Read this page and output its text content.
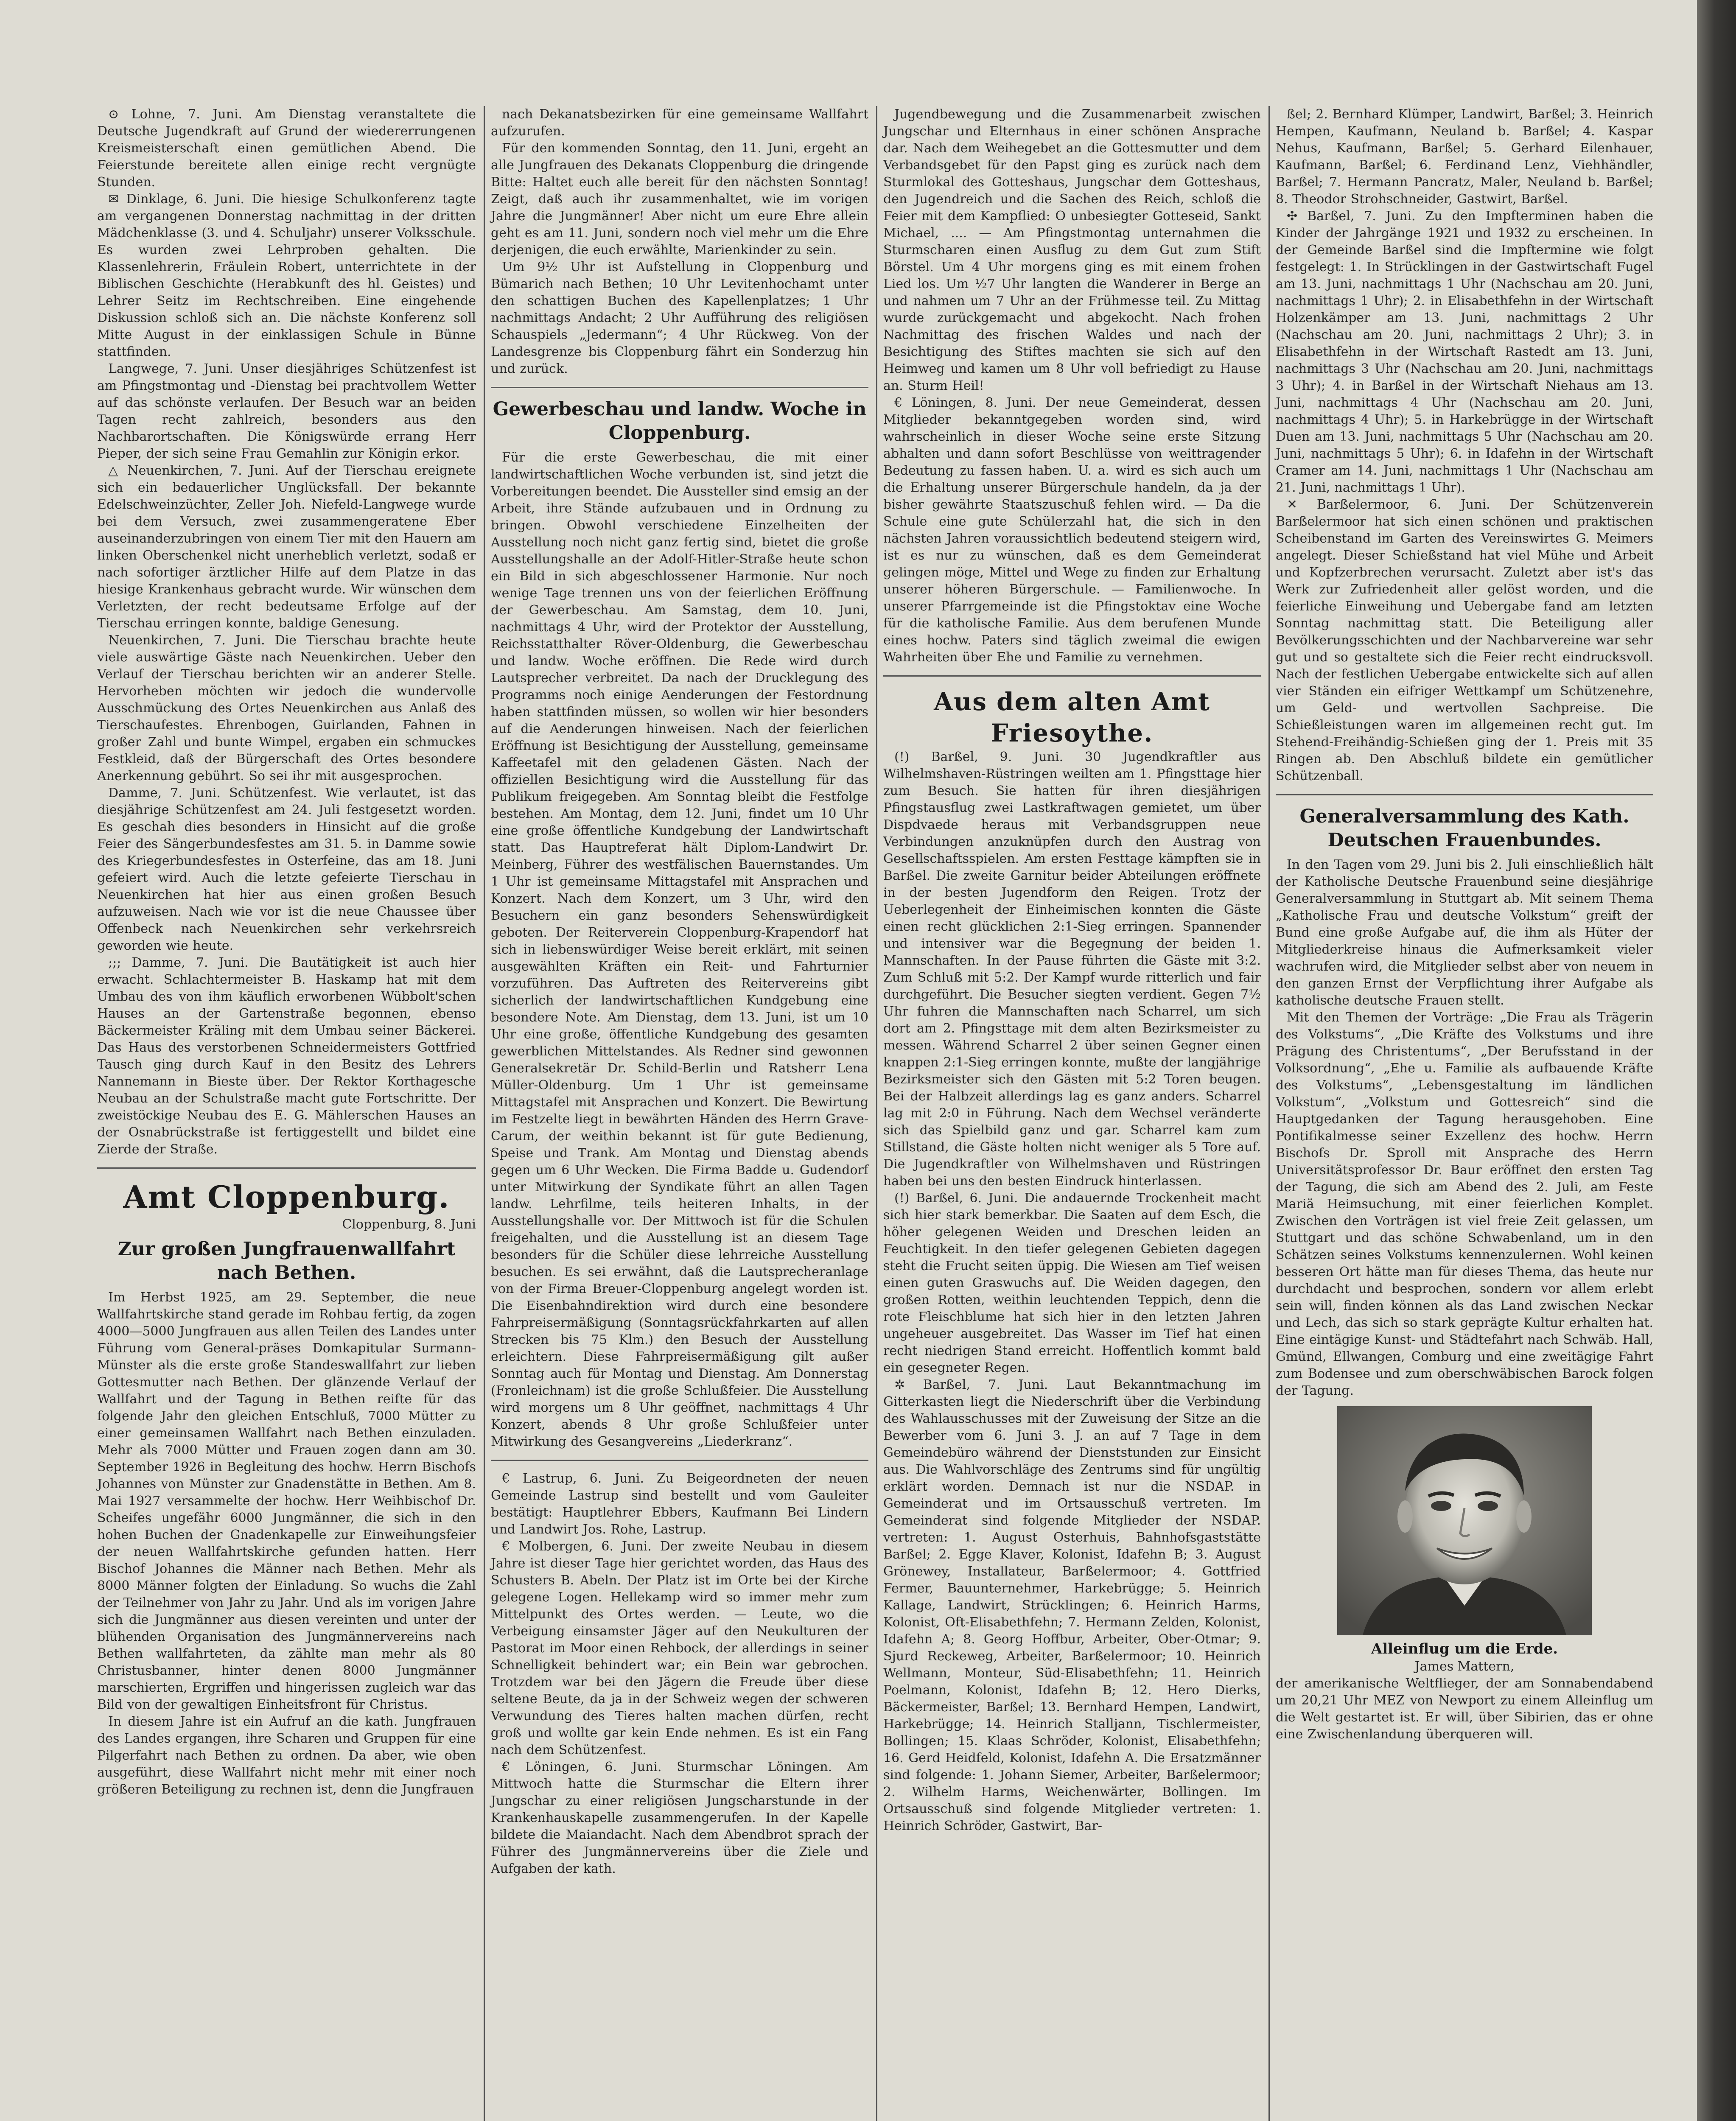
⊙ Lohne, 7. Juni. Am Dienstag veranstaltete die Deutsche Jugendkraft auf Grund der wiedererrungenen Kreismeisterschaft einen gemütlichen Abend. Die Feierstunde bereitete allen einige recht vergnügte Stunden.

✉ Dinklage, 6. Juni. Die hiesige Schulkonferenz tagte am vergangenen Donnerstag nachmittag in der dritten Mädchenklasse (3. und 4. Schuljahr) unserer Volksschule. Es wurden zwei Lehrproben gehalten. Die Klassenlehrerin, Fräulein Robert, unterrichtete in der Biblischen Geschichte (Herabkunft des hl. Geistes) und Lehrer Seitz im Rechtschreiben. Eine eingehende Diskussion schloß sich an. Die nächste Konferenz soll Mitte August in der einklassigen Schule in Bünne stattfinden.

Langwege, 7. Juni. Unser diesjähriges Schützenfest ist am Pfingstmontag und -Dienstag bei prachtvollem Wetter auf das schönste verlaufen. Der Besuch war an beiden Tagen recht zahlreich, besonders aus den Nachbarortschaften. Die Königswürde errang Herr Pieper, der sich seine Frau Gemahlin zur Königin erkor.

△ Neuenkirchen, 7. Juni. Auf der Tierschau ereignete sich ein bedauerlicher Unglücksfall. Der bekannte Edelschweinzüchter, Zeller Joh. Niefeld-Langwege wurde bei dem Versuch, zwei zusammengeratene Eber auseinanderzubringen von einem Tier mit den Hauern am linken Oberschenkel nicht unerheblich verletzt, sodaß er nach sofortiger ärztlicher Hilfe auf dem Platze in das hiesige Krankenhaus gebracht wurde. Wir wünschen dem Verletzten, der recht bedeutsame Erfolge auf der Tierschau erringen konnte, baldige Genesung.

Neuenkirchen, 7. Juni. Die Tierschau brachte heute viele auswärtige Gäste nach Neuenkirchen. Ueber den Verlauf der Tierschau berichten wir an anderer Stelle. Hervorheben möchten wir jedoch die wundervolle Ausschmückung des Ortes Neuenkirchen aus Anlaß des Tierschaufestes. Ehrenbogen, Guirlanden, Fahnen in großer Zahl und bunte Wimpel, ergaben ein schmuckes Festkleid, daß der Bürgerschaft des Ortes besondere Anerkennung gebührt. So sei ihr mit ausgesprochen.

Damme, 7. Juni. Schützenfest. Wie verlautet, ist das diesjährige Schützenfest am 24. Juli festgesetzt worden. Es geschah dies besonders in Hinsicht auf die große Feier des Sängerbundesfestes am 31. 5. in Damme sowie des Kriegerbundesfestes in Osterfeine, das am 18. Juni gefeiert wird. Auch die letzte gefeierte Tierschau in Neuenkirchen hat hier aus einen großen Besuch aufzuweisen. Nach wie vor ist die neue Chaussee über Offenbeck nach Neuenkirchen sehr verkehrsreich geworden wie heute.

;;; Damme, 7. Juni. Die Bautätigkeit ist auch hier erwacht. Schlachtermeister B. Haskamp hat mit dem Umbau des von ihm käuflich erworbenen Wübbolt'schen Hauses an der Gartenstraße begonnen, ebenso Bäckermeister Kräling mit dem Umbau seiner Bäckerei. Das Haus des verstorbenen Schneidermeisters Gottfried Tausch ging durch Kauf in den Besitz des Lehrers Nannemann in Bieste über. Der Rektor Korthagesche Neubau an der Schulstraße macht gute Fortschritte. Der zweistöckige Neubau des E. G. Mählerschen Hauses an der Osnabrückstraße ist fertiggestellt und bildet eine Zierde der Straße.

Amt Cloppenburg.

Cloppenburg, 8. Juni

Zur großen Jungfrauenwallfahrt nach Bethen.

Im Herbst 1925, am 29. September, die neue Wallfahrtskirche stand gerade im Rohbau fertig, da zogen 4000—5000 Jungfrauen aus allen Teilen des Landes unter Führung vom General-präses Domkapitular Surmann-Münster als die erste große Standeswallfahrt zur lieben Gottesmutter nach Bethen. Der glänzende Verlauf der Wallfahrt und der Tagung in Bethen reifte für das folgende Jahr den gleichen Entschluß, 7000 Mütter zu einer gemeinsamen Wallfahrt nach Bethen einzuladen. Mehr als 7000 Mütter und Frauen zogen dann am 30. September 1926 in Begleitung des hochw. Herrn Bischofs Johannes von Münster zur Gnadenstätte in Bethen. Am 8. Mai 1927 versammelte der hochw. Herr Weihbischof Dr. Scheifes ungefähr 6000 Jungmänner, die sich in den hohen Buchen der Gnadenkapelle zur Einweihungsfeier der neuen Wallfahrtskirche gefunden hatten. Herr Bischof Johannes die Männer nach Bethen. Mehr als 8000 Männer folgten der Einladung. So wuchs die Zahl der Teilnehmer von Jahr zu Jahr. Und als im vorigen Jahre sich die Jungmänner aus diesen vereinten und unter der blühenden Organisation des Jungmännervereins nach Bethen wallfahrteten, da zählte man mehr als 80 Christusbanner, hinter denen 8000 Jungmänner marschierten, Ergriffen und hingerissen zugleich war das Bild von der gewaltigen Einheitsfront für Christus.

In diesem Jahre ist ein Aufruf an die kath. Jungfrauen des Landes ergangen, ihre Scharen und Gruppen für eine Pilgerfahrt nach Bethen zu ordnen. Da aber, wie oben ausgeführt, diese Wallfahrt nicht mehr mit einer noch größeren Beteiligung zu rechnen ist, denn die Jungfrauen

nach Dekanatsbezirken für eine gemeinsame Wallfahrt aufzurufen.

Für den kommenden Sonntag, den 11. Juni, ergeht an alle Jungfrauen des Dekanats Cloppenburg die dringende Bitte: Haltet euch alle bereit für den nächsten Sonntag! Zeigt, daß auch ihr zusammenhaltet, wie im vorigen Jahre die Jungmänner! Aber nicht um eure Ehre allein geht es am 11. Juni, sondern noch viel mehr um die Ehre derjenigen, die euch erwählte, Marienkinder zu sein.

Um 9½ Uhr ist Aufstellung in Cloppenburg und Bümarich nach Bethen; 10 Uhr Levitenhochamt unter den schattigen Buchen des Kapellenplatzes; 1 Uhr nachmittags Andacht; 2 Uhr Aufführung des religiösen Schauspiels „Jedermann“; 4 Uhr Rückweg. Von der Landesgrenze bis Cloppenburg fährt ein Sonderzug hin und zurück.

Gewerbeschau und landw. Woche in Cloppenburg.

Für die erste Gewerbeschau, die mit einer landwirtschaftlichen Woche verbunden ist, sind jetzt die Vorbereitungen beendet. Die Aussteller sind emsig an der Arbeit, ihre Stände aufzubauen und in Ordnung zu bringen. Obwohl verschiedene Einzelheiten der Ausstellung noch nicht ganz fertig sind, bietet die große Ausstellungshalle an der Adolf-Hitler-Straße heute schon ein Bild in sich abgeschlossener Harmonie. Nur noch wenige Tage trennen uns von der feierlichen Eröffnung der Gewerbeschau. Am Samstag, dem 10. Juni, nachmittags 4 Uhr, wird der Protektor der Ausstellung, Reichsstatthalter Röver-Oldenburg, die Gewerbeschau und landw. Woche eröffnen. Die Rede wird durch Lautsprecher verbreitet. Da nach der Drucklegung des Programms noch einige Aenderungen der Festordnung haben stattfinden müssen, so wollen wir hier besonders auf die Aenderungen hinweisen. Nach der feierlichen Eröffnung ist Besichtigung der Ausstellung, gemeinsame Kaffeetafel mit den geladenen Gästen. Nach der offiziellen Besichtigung wird die Ausstellung für das Publikum freigegeben. Am Sonntag bleibt die Festfolge bestehen. Am Montag, dem 12. Juni, findet um 10 Uhr eine große öffentliche Kundgebung der Landwirtschaft statt. Das Hauptreferat hält Diplom-Landwirt Dr. Meinberg, Führer des westfälischen Bauernstandes. Um 1 Uhr ist gemeinsame Mittagstafel mit Ansprachen und Konzert. Nach dem Konzert, um 3 Uhr, wird den Besuchern ein ganz besonders Sehenswürdigkeit geboten. Der Reiterverein Cloppenburg-Krapendorf hat sich in liebenswürdiger Weise bereit erklärt, mit seinen ausgewählten Kräften ein Reit- und Fahrturnier vorzuführen. Das Auftreten des Reitervereins gibt sicherlich der landwirtschaftlichen Kundgebung eine besondere Note. Am Dienstag, dem 13. Juni, ist um 10 Uhr eine große, öffentliche Kundgebung des gesamten gewerblichen Mittelstandes. Als Redner sind gewonnen Generalsekretär Dr. Schild-Berlin und Ratsherr Lena Müller-Oldenburg. Um 1 Uhr ist gemeinsame Mittagstafel mit Ansprachen und Konzert. Die Bewirtung im Festzelte liegt in bewährten Händen des Herrn Grave-Carum, der weithin bekannt ist für gute Bedienung, Speise und Trank. Am Montag und Dienstag abends gegen um 6 Uhr Wecken. Die Firma Badde u. Gudendorf unter Mitwirkung der Syndikate führt an allen Tagen landw. Lehrfilme, teils heiteren Inhalts, in der Ausstellungshalle vor. Der Mittwoch ist für die Schulen freigehalten, und die Ausstellung ist an diesem Tage besonders für die Schüler diese lehrreiche Ausstellung besuchen. Es sei erwähnt, daß die Lautsprecheranlage von der Firma Breuer-Cloppenburg angelegt worden ist. Die Eisenbahndirektion wird durch eine besondere Fahrpreisermäßigung (Sonntagsrückfahrkarten auf allen Strecken bis 75 Klm.) den Besuch der Ausstellung erleichtern. Diese Fahrpreisermäßigung gilt außer Sonntag auch für Montag und Dienstag. Am Donnerstag (Fronleichnam) ist die große Schlußfeier. Die Ausstellung wird morgens um 8 Uhr geöffnet, nachmittags 4 Uhr Konzert, abends 8 Uhr große Schlußfeier unter Mitwirkung des Gesangvereins „Liederkranz“.

€ Lastrup, 6. Juni. Zu Beigeordneten der neuen Gemeinde Lastrup sind bestellt und vom Gauleiter bestätigt: Hauptlehrer Ebbers, Kaufmann Bei Lindern und Landwirt Jos. Rohe, Lastrup.

€ Molbergen, 6. Juni. Der zweite Neubau in diesem Jahre ist dieser Tage hier gerichtet worden, das Haus des Schusters B. Abeln. Der Platz ist im Orte bei der Kirche gelegene Logen. Hellekamp wird so immer mehr zum Mittelpunkt des Ortes werden. — Leute, wo die Verbeigung einsamster Jäger auf den Neukulturen der Pastorat im Moor einen Rehbock, der allerdings in seiner Schnelligkeit behindert war; ein Bein war gebrochen. Trotzdem war bei den Jägern die Freude über diese seltene Beute, da ja in der Schweiz wegen der schweren Verwundung des Tieres halten machen dürfen, recht groß und wollte gar kein Ende nehmen. Es ist ein Fang nach dem Schützenfest.

€ Löningen, 6. Juni. Sturmschar Löningen. Am Mittwoch hatte die Sturmschar die Eltern ihrer Jungschar zu einer religiösen Jungscharstunde in der Krankenhauskapelle zusammengerufen. In der Kapelle bildete die Maiandacht. Nach dem Abendbrot sprach der Führer des Jungmännervereins über die Ziele und Aufgaben der kath.

Jugendbewegung und die Zusammenarbeit zwischen Jungschar und Elternhaus in einer schönen Ansprache dar. Nach dem Weihegebet an die Gottesmutter und dem Verbandsgebet für den Papst ging es zurück nach dem Sturmlokal des Gotteshaus, Jungschar dem Gotteshaus, den Jugendreich und die Sachen des Reich, schloß die Feier mit dem Kampflied: O unbesiegter Gotteseid, Sankt Michael, .... — Am Pfingstmontag unternahmen die Sturmscharen einen Ausflug zu dem Gut zum Stift Börstel. Um 4 Uhr morgens ging es mit einem frohen Lied los. Um ½7 Uhr langten die Wanderer in Berge an und nahmen um 7 Uhr an der Frühmesse teil. Zu Mittag wurde zurückgemacht und abgekocht. Nach frohen Nachmittag des frischen Waldes und nach der Besichtigung des Stiftes machten sie sich auf den Heimweg und kamen um 8 Uhr voll befriedigt zu Hause an. Sturm Heil!

€ Löningen, 8. Juni. Der neue Gemeinderat, dessen Mitglieder bekanntgegeben worden sind, wird wahrscheinlich in dieser Woche seine erste Sitzung abhalten und dann sofort Beschlüsse von weittragender Bedeutung zu fassen haben. U. a. wird es sich auch um die Erhaltung unserer Bürgerschule handeln, da ja der bisher gewährte Staatszuschuß fehlen wird. — Da die Schule eine gute Schülerzahl hat, die sich in den nächsten Jahren voraussichtlich bedeutend steigern wird, ist es nur zu wünschen, daß es dem Gemeinderat gelingen möge, Mittel und Wege zu finden zur Erhaltung unserer höheren Bürgerschule. — Familienwoche. In unserer Pfarrgemeinde ist die Pfingstoktav eine Woche für die katholische Familie. Aus dem berufenen Munde eines hochw. Paters sind täglich zweimal die ewigen Wahrheiten über Ehe und Familie zu vernehmen.

Aus dem alten Amt Friesoythe.

(!) Barßel, 9. Juni. 30 Jugendkraftler aus Wilhelmshaven-Rüstringen weilten am 1. Pfingsttage hier zum Besuch. Sie hatten für ihren diesjährigen Pfingstausflug zwei Lastkraftwagen gemietet, um über Dispdvaede heraus mit Verbandsgruppen neue Verbindungen anzuknüpfen durch den Austrag von Gesellschaftsspielen. Am ersten Festtage kämpften sie in Barßel. Die zweite Garnitur beider Abteilungen eröffnete in der besten Jugendform den Reigen. Trotz der Ueberlegenheit der Einheimischen konnten die Gäste einen recht glücklichen 2:1-Sieg erringen. Spannender und intensiver war die Begegnung der beiden 1. Mannschaften. In der Pause führten die Gäste mit 3:2. Zum Schluß mit 5:2. Der Kampf wurde ritterlich und fair durchgeführt. Die Besucher siegten verdient. Gegen 7½ Uhr fuhren die Mannschaften nach Scharrel, um sich dort am 2. Pfingsttage mit dem alten Bezirksmeister zu messen. Während Scharrel 2 über seinen Gegner einen knappen 2:1-Sieg erringen konnte, mußte der langjährige Bezirksmeister sich den Gästen mit 5:2 Toren beugen. Bei der Halbzeit allerdings lag es ganz anders. Scharrel lag mit 2:0 in Führung. Nach dem Wechsel veränderte sich das Spielbild ganz und gar. Scharrel kam zum Stillstand, die Gäste holten nicht weniger als 5 Tore auf. Die Jugendkraftler von Wilhelmshaven und Rüstringen haben bei uns den besten Eindruck hinterlassen.

(!) Barßel, 6. Juni. Die andauernde Trockenheit macht sich hier stark bemerkbar. Die Saaten auf dem Esch, die höher gelegenen Weiden und Dreschen leiden an Feuchtigkeit. In den tiefer gelegenen Gebieten dagegen steht die Frucht seiten üppig. Die Wiesen am Tief weisen einen guten Graswuchs auf. Die Weiden dagegen, den großen Rotten, weithin leuchtenden Teppich, denn die rote Fleischblume hat sich hier in den letzten Jahren ungeheuer ausgebreitet. Das Wasser im Tief hat einen recht niedrigen Stand erreicht. Hoffentlich kommt bald ein gesegneter Regen.

✲ Barßel, 7. Juni. Laut Bekanntmachung im Gitterkasten liegt die Niederschrift über die Verbindung des Wahlausschusses mit der Zuweisung der Sitze an die Bewerber vom 6. Juni 3. J. an auf 7 Tage in dem Gemeindebüro während der Dienststunden zur Einsicht aus. Die Wahlvorschläge des Zentrums sind für ungültig erklärt worden. Demnach ist nur die NSDAP. in Gemeinderat und im Ortsausschuß vertreten. Im Gemeinderat sind folgende Mitglieder der NSDAP. vertreten: 1. August Osterhuis, Bahnhofsgaststätte Barßel; 2. Egge Klaver, Kolonist, Idafehn B; 3. August Grönewey, Installateur, Barßelermoor; 4. Gottfried Fermer, Bauunternehmer, Harkebrügge; 5. Heinrich Kallage, Landwirt, Strücklingen; 6. Heinrich Harms, Kolonist, Oft-Elisabethfehn; 7. Hermann Zelden, Kolonist, Idafehn A; 8. Georg Hoffbur, Arbeiter, Ober-Otmar; 9. Sjurd Reckeweg, Arbeiter, Barßelermoor; 10. Heinrich Wellmann, Monteur, Süd-Elisabethfehn; 11. Heinrich Poelmann, Kolonist, Idafehn B; 12. Hero Dierks, Bäckermeister, Barßel; 13. Bernhard Hempen, Landwirt, Harkebrügge; 14. Heinrich Stalljann, Tischlermeister, Bollingen; 15. Klaas Schröder, Kolonist, Elisabethfehn; 16. Gerd Heidfeld, Kolonist, Idafehn A. Die Ersatzmänner sind folgende: 1. Johann Siemer, Arbeiter, Barßelermoor; 2. Wilhelm Harms, Weichenwärter, Bollingen. Im Ortsausschuß sind folgende Mitglieder vertreten: 1. Heinrich Schröder, Gastwirt, Bar-

ßel; 2. Bernhard Klümper, Landwirt, Barßel; 3. Heinrich Hempen, Kaufmann, Neuland b. Barßel; 4. Kaspar Nehus, Kaufmann, Barßel; 5. Gerhard Eilenhauer, Kaufmann, Barßel; 6. Ferdinand Lenz, Viehhändler, Barßel; 7. Hermann Pancratz, Maler, Neuland b. Barßel; 8. Theodor Strohschneider, Gastwirt, Barßel.

✣ Barßel, 7. Juni. Zu den Impfterminen haben die Kinder der Jahrgänge 1921 und 1932 zu erscheinen. In der Gemeinde Barßel sind die Impftermine wie folgt festgelegt: 1. In Strücklingen in der Gastwirtschaft Fugel am 13. Juni, nachmittags 1 Uhr (Nachschau am 20. Juni, nachmittags 1 Uhr); 2. in Elisabethfehn in der Wirtschaft Holzenkämper am 13. Juni, nachmittags 2 Uhr (Nachschau am 20. Juni, nachmittags 2 Uhr); 3. in Elisabethfehn in der Wirtschaft Rastedt am 13. Juni, nachmittags 3 Uhr (Nachschau am 20. Juni, nachmittags 3 Uhr); 4. in Barßel in der Wirtschaft Niehaus am 13. Juni, nachmittags 4 Uhr (Nachschau am 20. Juni, nachmittags 4 Uhr); 5. in Harkebrügge in der Wirtschaft Duen am 13. Juni, nachmittags 5 Uhr (Nachschau am 20. Juni, nachmittags 5 Uhr); 6. in Idafehn in der Wirtschaft Cramer am 14. Juni, nachmittags 1 Uhr (Nachschau am 21. Juni, nachmittags 1 Uhr).

✕ Barßelermoor, 6. Juni. Der Schützenverein Barßelermoor hat sich einen schönen und praktischen Scheibenstand im Garten des Vereinswirtes G. Meimers angelegt. Dieser Schießstand hat viel Mühe und Arbeit und Kopfzerbrechen verursacht. Zuletzt aber ist's das Werk zur Zufriedenheit aller gelöst worden, und die feierliche Einweihung und Uebergabe fand am letzten Sonntag nachmittag statt. Die Beteiligung aller Bevölkerungsschichten und der Nachbarvereine war sehr gut und so gestaltete sich die Feier recht eindrucksvoll. Nach der festlichen Uebergabe entwickelte sich auf allen vier Ständen ein eifriger Wettkampf um Schützenehre, um Geld- und wertvollen Sachpreise. Die Schießleistungen waren im allgemeinen recht gut. Im Stehend-Freihändig-Schießen ging der 1. Preis mit 35 Ringen ab. Den Abschluß bildete ein gemütlicher Schützenball.

Generalversammlung des Kath. Deutschen Frauenbundes.

In den Tagen vom 29. Juni bis 2. Juli einschließlich hält der Katholische Deutsche Frauenbund seine diesjährige Generalversammlung in Stuttgart ab. Mit seinem Thema „Katholische Frau und deutsche Volkstum“ greift der Bund eine große Aufgabe auf, die ihm als Hüter der Mitgliederkreise hinaus die Aufmerksamkeit vieler wachrufen wird, die Mitglieder selbst aber von neuem in den ganzen Ernst der Verpflichtung ihrer Aufgabe als katholische deutsche Frauen stellt.

Mit den Themen der Vorträge: „Die Frau als Trägerin des Volkstums“, „Die Kräfte des Volkstums und ihre Prägung des Christentums“, „Der Berufsstand in der Volksordnung“, „Ehe u. Familie als aufbauende Kräfte des Volkstums“, „Lebensgestaltung im ländlichen Volkstum“, „Volkstum und Gottesreich“ sind die Hauptgedanken der Tagung herausgehoben. Eine Pontifikalmesse seiner Exzellenz des hochw. Herrn Bischofs Dr. Sproll mit Ansprache des Herrn Universitätsprofessor Dr. Baur eröffnet den ersten Tag der Tagung, die sich am Abend des 2. Juli, am Feste Mariä Heimsuchung, mit einer feierlichen Komplet. Zwischen den Vorträgen ist viel freie Zeit gelassen, um Stuttgart und das schöne Schwabenland, um in den Schätzen seines Volkstums kennenzulernen. Wohl keinen besseren Ort hätte man für dieses Thema, das heute nur durchdacht und besprochen, sondern vor allem erlebt sein will, finden können als das Land zwischen Neckar und Lech, das sich so stark geprägte Kultur erhalten hat. Eine eintägige Kunst- und Städtefahrt nach Schwäb. Hall, Gmünd, Ellwangen, Comburg und eine zweitägige Fahrt zum Bodensee und zum oberschwäbischen Barock folgen der Tagung.

Alleinflug um die Erde.

James Mattern,

der amerikanische Weltflieger, der am Sonnabendabend um 20,21 Uhr MEZ von Newport zu einem Alleinflug um die Welt gestartet ist. Er will, über Sibirien, das er ohne eine Zwischenlandung überqueren will.
